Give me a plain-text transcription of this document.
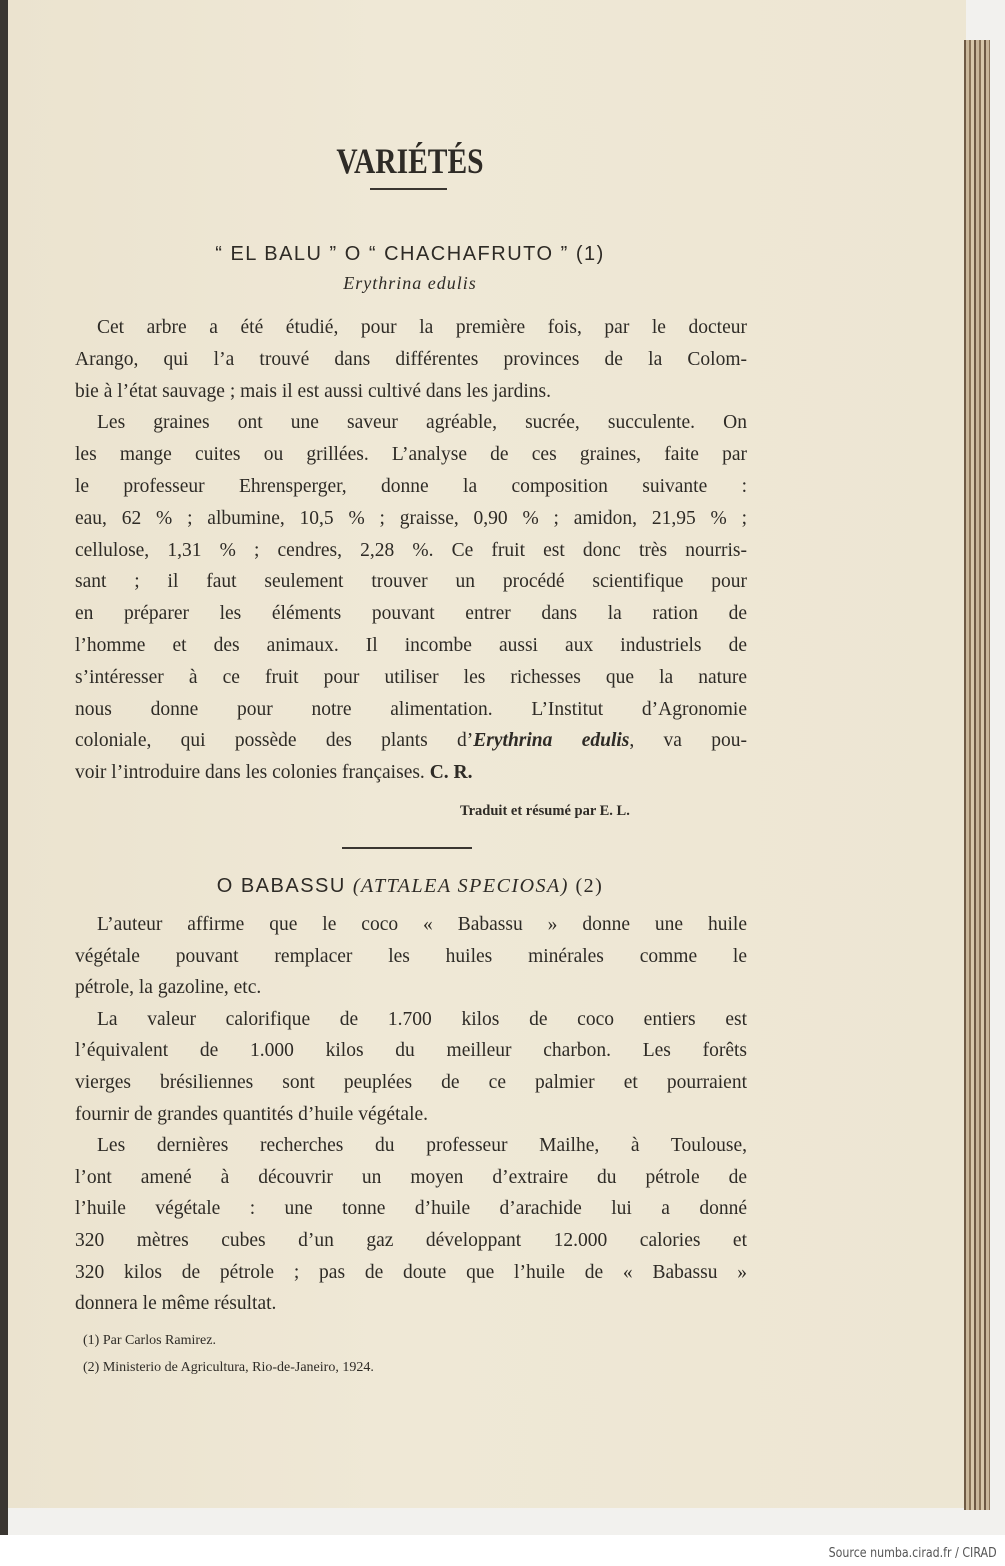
VARIÉTÉS
“ EL BALU ” O “ CHACHAFRUTO ” (1)
Erythrina edulis
Cet arbre a été étudié, pour la première fois, par le docteur
Arango, qui l’a trouvé dans différentes provinces de la Colom-
bie à l’état sauvage ; mais il est aussi cultivé dans les jardins.
Les graines ont une saveur agréable, sucrée, succulente. On
les mange cuites ou grillées. L’analyse de ces graines, faite par
le professeur Ehrensperger, donne la composition suivante :
eau, 62 % ; albumine, 10,5 % ; graisse, 0,90 % ; amidon, 21,95 % ;
cellulose, 1,31 % ; cendres, 2,28 %. Ce fruit est donc très nourris-
sant ; il faut seulement trouver un procédé scientifique pour
en préparer les éléments pouvant entrer dans la ration de
l’homme et des animaux. Il incombe aussi aux industriels de
s’intéresser à ce fruit pour utiliser les richesses que la nature
nous donne pour notre alimentation. L’Institut d’Agronomie
coloniale, qui possède des plants d’Erythrina edulis, va pou-
voir l’introduire dans les colonies françaises. C. R.
Traduit et résumé par E. L.
O BABASSU (ATTALEA SPECIOSA) (2)
L’auteur affirme que le coco « Babassu » donne une huile
végétale pouvant remplacer les huiles minérales comme le
pétrole, la gazoline, etc.
La valeur calorifique de 1.700 kilos de coco entiers est
l’équivalent de 1.000 kilos du meilleur charbon. Les forêts
vierges brésiliennes sont peuplées de ce palmier et pourraient
fournir de grandes quantités d’huile végétale.
Les dernières recherches du professeur Mailhe, à Toulouse,
l’ont amené à découvrir un moyen d’extraire du pétrole de
l’huile végétale : une tonne d’huile d’arachide lui a donné
320 mètres cubes d’un gaz développant 12.000 calories et
320 kilos de pétrole ; pas de doute que l’huile de « Babassu »
donnera le même résultat.
(1) Par Carlos Ramirez.
(2) Ministerio de Agricultura, Rio-de-Janeiro, 1924.
Source numba.cirad.fr / CIRAD
